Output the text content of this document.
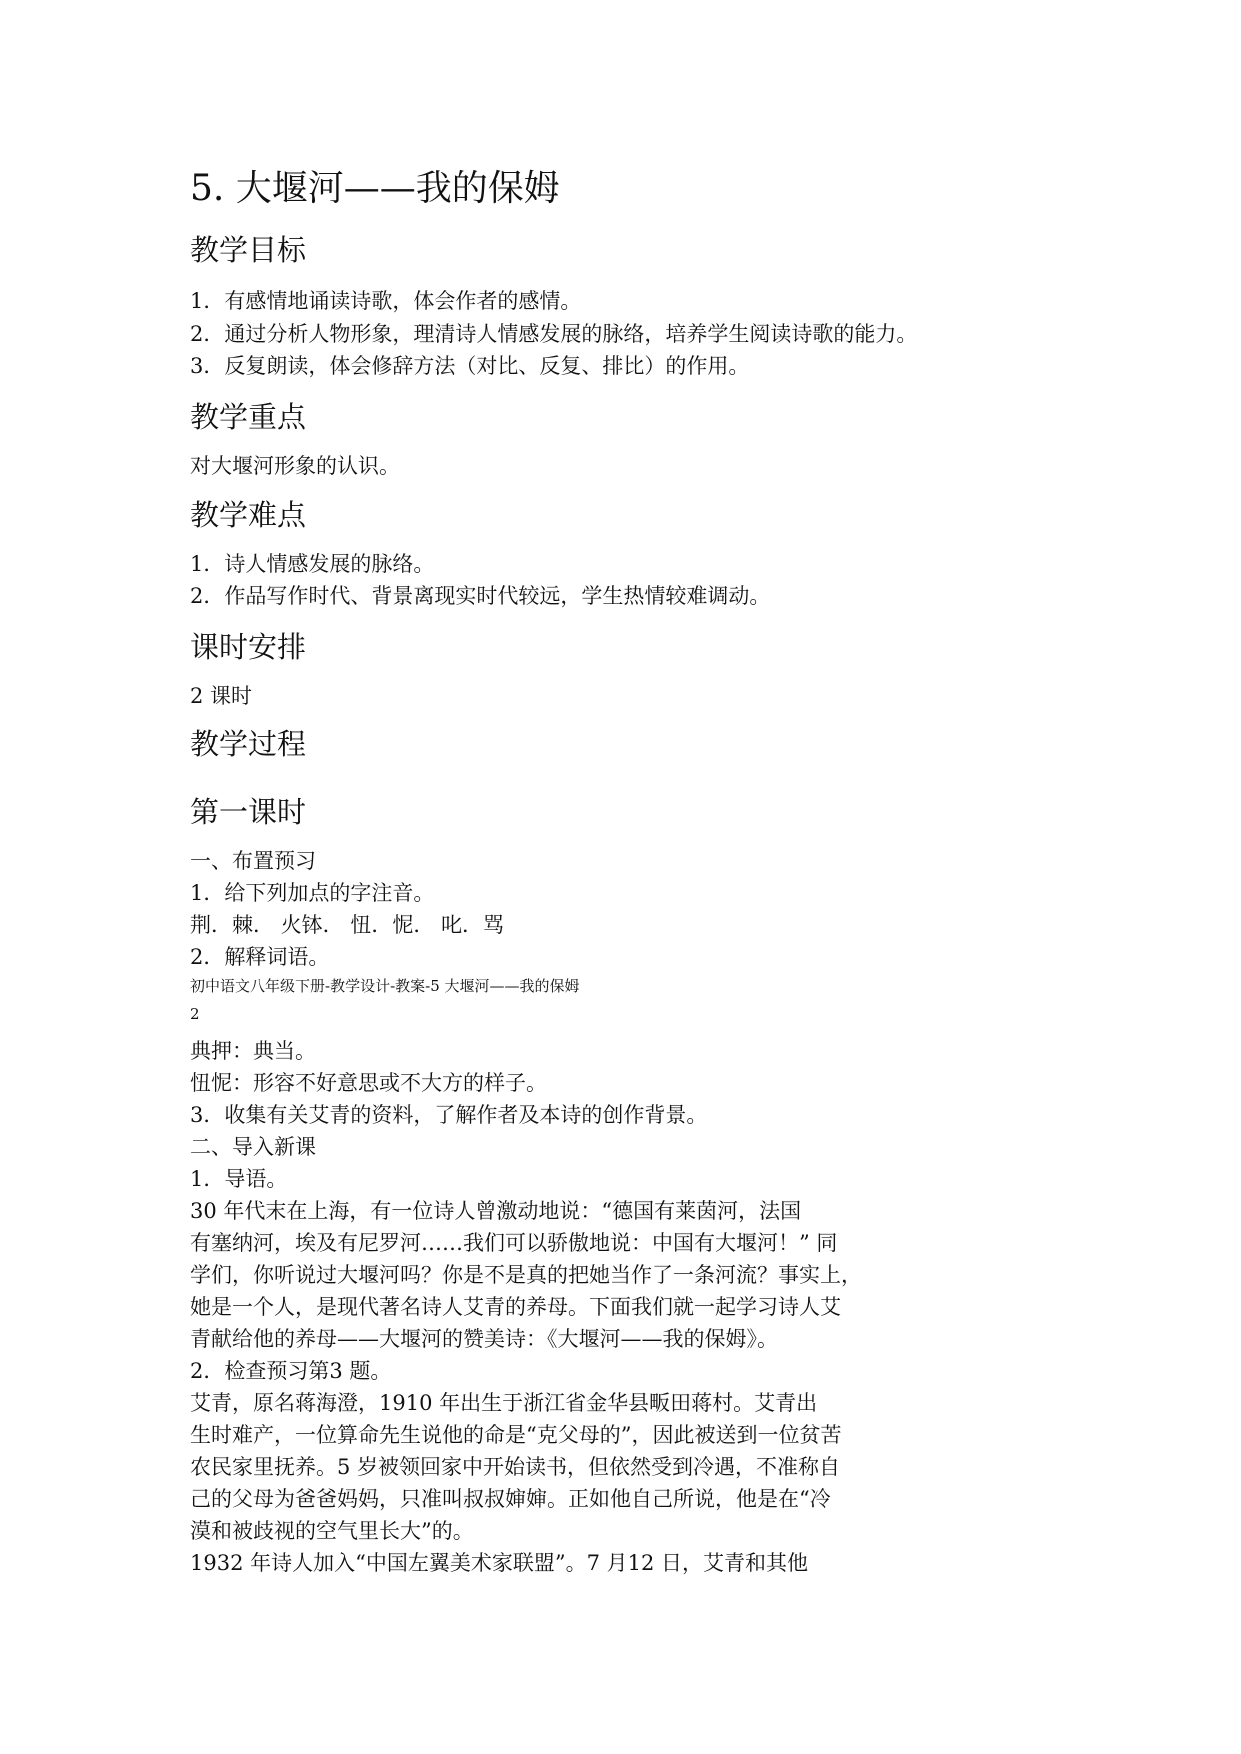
5. 大堰河——我的保姆
教学目标
1．有感情地诵读诗歌，体会作者的感情。
2．通过分析人物形象，理清诗人情感发展的脉络，培养学生阅读诗歌的能力。
3．反复朗读，体会修辞方法（对比、反复、排比）的作用。
教学重点
对大堰河形象的认识。
教学难点
1．诗人情感发展的脉络。
2．作品写作时代、背景离现实时代较远，学生热情较难调动。
课时安排
2 课时
教学过程
第一课时
一、布置预习
1．给下列加点的字注音。
荆．棘． 火钵． 忸．怩． 叱．骂
2．解释词语。
初中语文八年级下册-教学设计-教案-5 大堰河——我的保姆
2
典押：典当。
忸怩：形容不好意思或不大方的样子。
3．收集有关艾青的资料，了解作者及本诗的创作背景。
二、导入新课
1．导语。
30 年代末在上海，有一位诗人曾激动地说：“德国有莱茵河，法国
有塞纳河，埃及有尼罗河……我们可以骄傲地说：中国有大堰河！” 同
学们，你听说过大堰河吗？你是不是真的把她当作了一条河流？事实上，
她是一个人，是现代著名诗人艾青的养母。下面我们就一起学习诗人艾
青献给他的养母——大堰河的赞美诗：《大堰河——我的保姆》。
2．检查预习第3 题。
艾青，原名蒋海澄，1910 年出生于浙江省金华县畈田蒋村。艾青出
生时难产，一位算命先生说他的命是“克父母的”，因此被送到一位贫苦
农民家里抚养。5 岁被领回家中开始读书，但依然受到冷遇，不准称自
己的父母为爸爸妈妈，只准叫叔叔婶婶。正如他自己所说，他是在“冷
漠和被歧视的空气里长大”的。
1932 年诗人加入“中国左翼美术家联盟”。7 月12 日，艾青和其他
